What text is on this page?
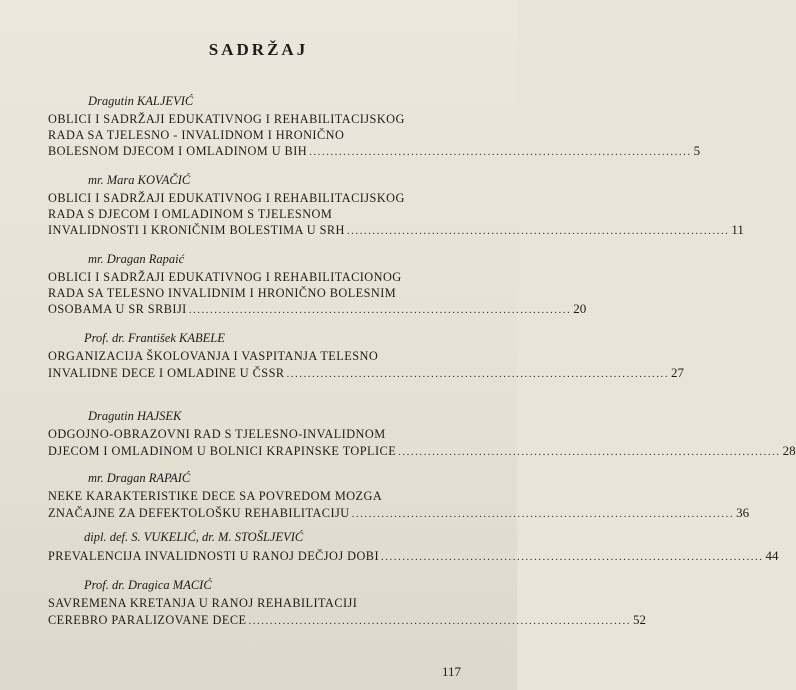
SADRŽAJ
Dragutin KALJEVIĆ
OBLICI I SADRŽAJI EDUKATIVNOG I REHABILITACIJSKOG
RADA SA TJELESNO - INVALIDNOM I HRONIČNO
BOLESNOM DJECOM I OMLADINOM U BIH .......................................................................................... 5
mr. Mara KOVAČIĆ
OBLICI I SADRŽAJI EDUKATIVNOG I REHABILITACIJSKOG
RADA S DJECOM I OMLADINOM S TJELESNOM
INVALIDNOSTI I KRONIČNIM BOLESTIMA U SRH .......................................................................................... 11
mr. Dragan Rapaić
OBLICI I SADRŽAJI EDUKATIVNOG I REHABILITACIONOG
RADA SA TELESNO INVALIDNIM I HRONIČNO BOLESNIM
OSOBAMA U SR SRBIJI .......................................................................................... 20
Prof. dr. František KABELE
ORGANIZACIJA ŠKOLOVANJA I VASPITANJA TELESNO
INVALIDNE DECE I OMLADINE U ČSSR .......................................................................................... 27
Dragutin HAJSEK
ODGOJNO-OBRAZOVNI RAD S TJELESNO-INVALIDNOM
DJECOM I OMLADINOM U BOLNICI KRAPINSKE TOPLICE .......................................................................................... 28
mr. Dragan RAPAIĆ
NEKE KARAKTERISTIKE DECE SA POVREDOM MOZGA
ZNAČAJNE ZA DEFEKTOLOŠKU REHABILITACIJU .......................................................................................... 36
dipl. def. S. VUKELIĆ, dr. M. STOŠLJEVIĆ
PREVALENCIJA INVALIDNOSTI U RANOJ DEČJOJ DOBI .......................................................................................... 44
Prof. dr. Dragica MACIĆ
SAVREMENA KRETANJA U RANOJ REHABILITACIJI
CEREBRO PARALIZOVANE DECE .......................................................................................... 52
117
